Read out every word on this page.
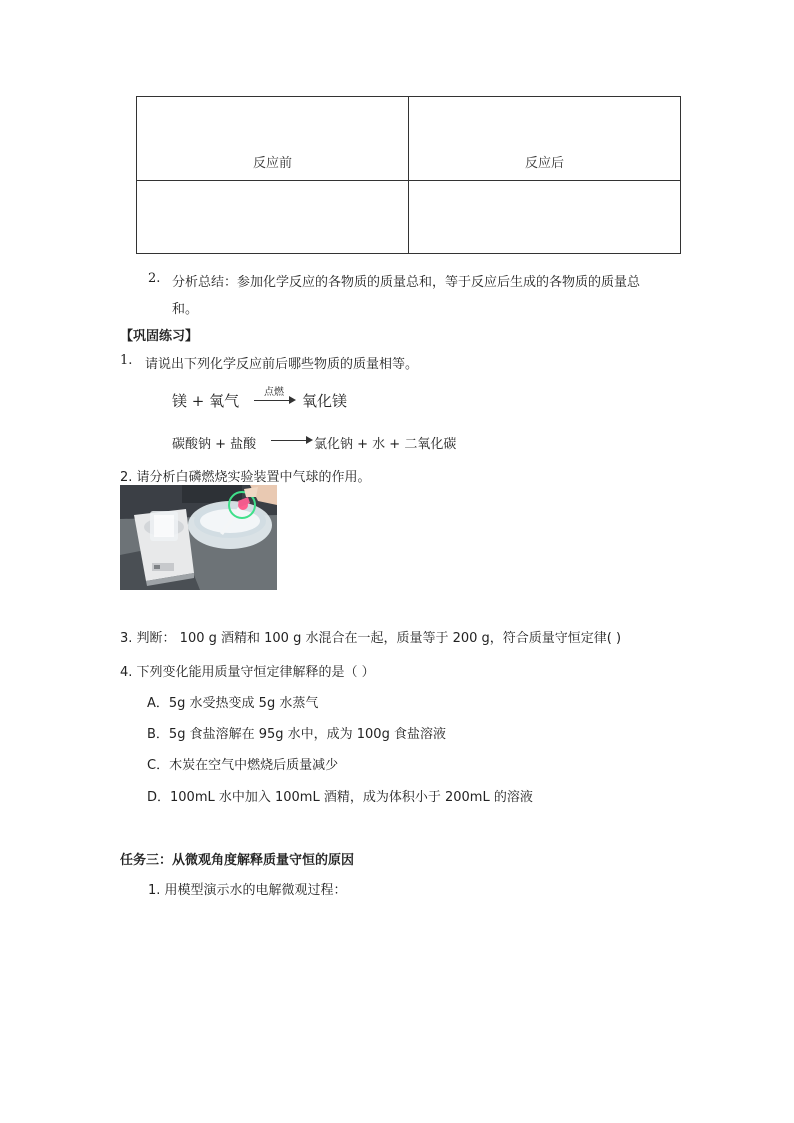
反应前	反应后

2. 分析总结：参加化学反应的各物质的质量总和，等于反应后生成的各物质的质量总
和。
【巩固练习】
1. 请说出下列化学反应前后哪些物质的质量相等。
镁 + 氧气	点燃	氧化镁
碳酸钠 + 盐酸	氯化钠 + 水 + 二氧化碳
2. 请分析白磷燃烧实验装置中气球的作用。
3. 判断： 100 g 酒精和 100 g 水混合在一起，质量等于 200 g，符合质量守恒定律( )
4. 下列变化能用质量守恒定律解释的是（ ）
A．5g 水受热变成 5g 水蒸气
B．5g 食盐溶解在 95g 水中，成为 100g 食盐溶液
C．木炭在空气中燃烧后质量减少
D．100mL 水中加入 100mL 酒精，成为体积小于 200mL 的溶液
任务三：从微观角度解释质量守恒的原因
1. 用模型演示水的电解微观过程：
